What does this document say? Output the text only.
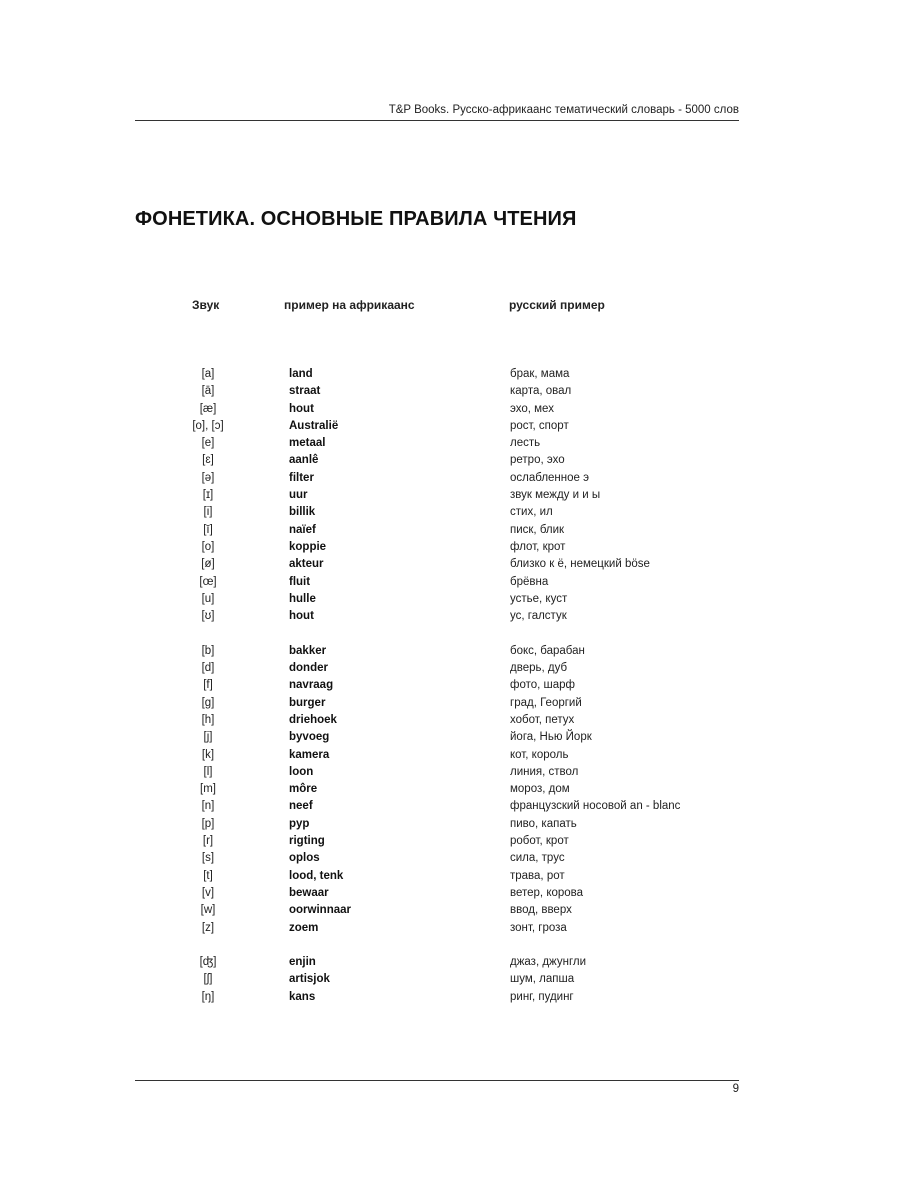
T&P Books. Русско-африкаанс тематический словарь - 5000 слов
ФОНЕТИКА. ОСНОВНЫЕ ПРАВИЛА ЧТЕНИЯ
Звук	пример на африкаанс	русский пример
[a]	land	брак, мама
[ā]	straat	карта, овал
[æ]	hout	эхо, мех
[o], [ɔ]	Australië	рост, спорт
[e]	metaal	лесть
[ɛ]	aanlê	ретро, эхо
[ə]	filter	ослабленное э
[ɪ]	uur	звук между и и ы
[i]	billik	стих, ил
[ī]	naïef	писк, блик
[o]	koppie	флот, крот
[ø]	akteur	близко к ё, немецкий böse
[œ]	fluit	брёвна
[u]	hulle	устье, куст
[ʊ]	hout	ус, галстук
[b]	bakker	бокс, барабан
[d]	donder	дверь, дуб
[f]	navraag	фото, шарф
[g]	burger	град, Георгий
[h]	driehoek	хобот, петух
[j]	byvoeg	йога, Нью Йорк
[k]	kamera	кот, король
[l]	loon	линия, ствол
[m]	môre	мороз, дом
[n]	neef	французский носовой an - blanc
[p]	pyp	пиво, капать
[r]	rigting	робот, крот
[s]	oplos	сила, трус
[t]	lood, tenk	трава, рот
[v]	bewaar	ветер, корова
[w]	oorwinnaar	ввод, вверх
[z]	zoem	зонт, гроза
[ʤ]	enjin	джаз, джунгли
[ʃ]	artisjok	шум, лапша
[ŋ]	kans	ринг, пудинг
9
